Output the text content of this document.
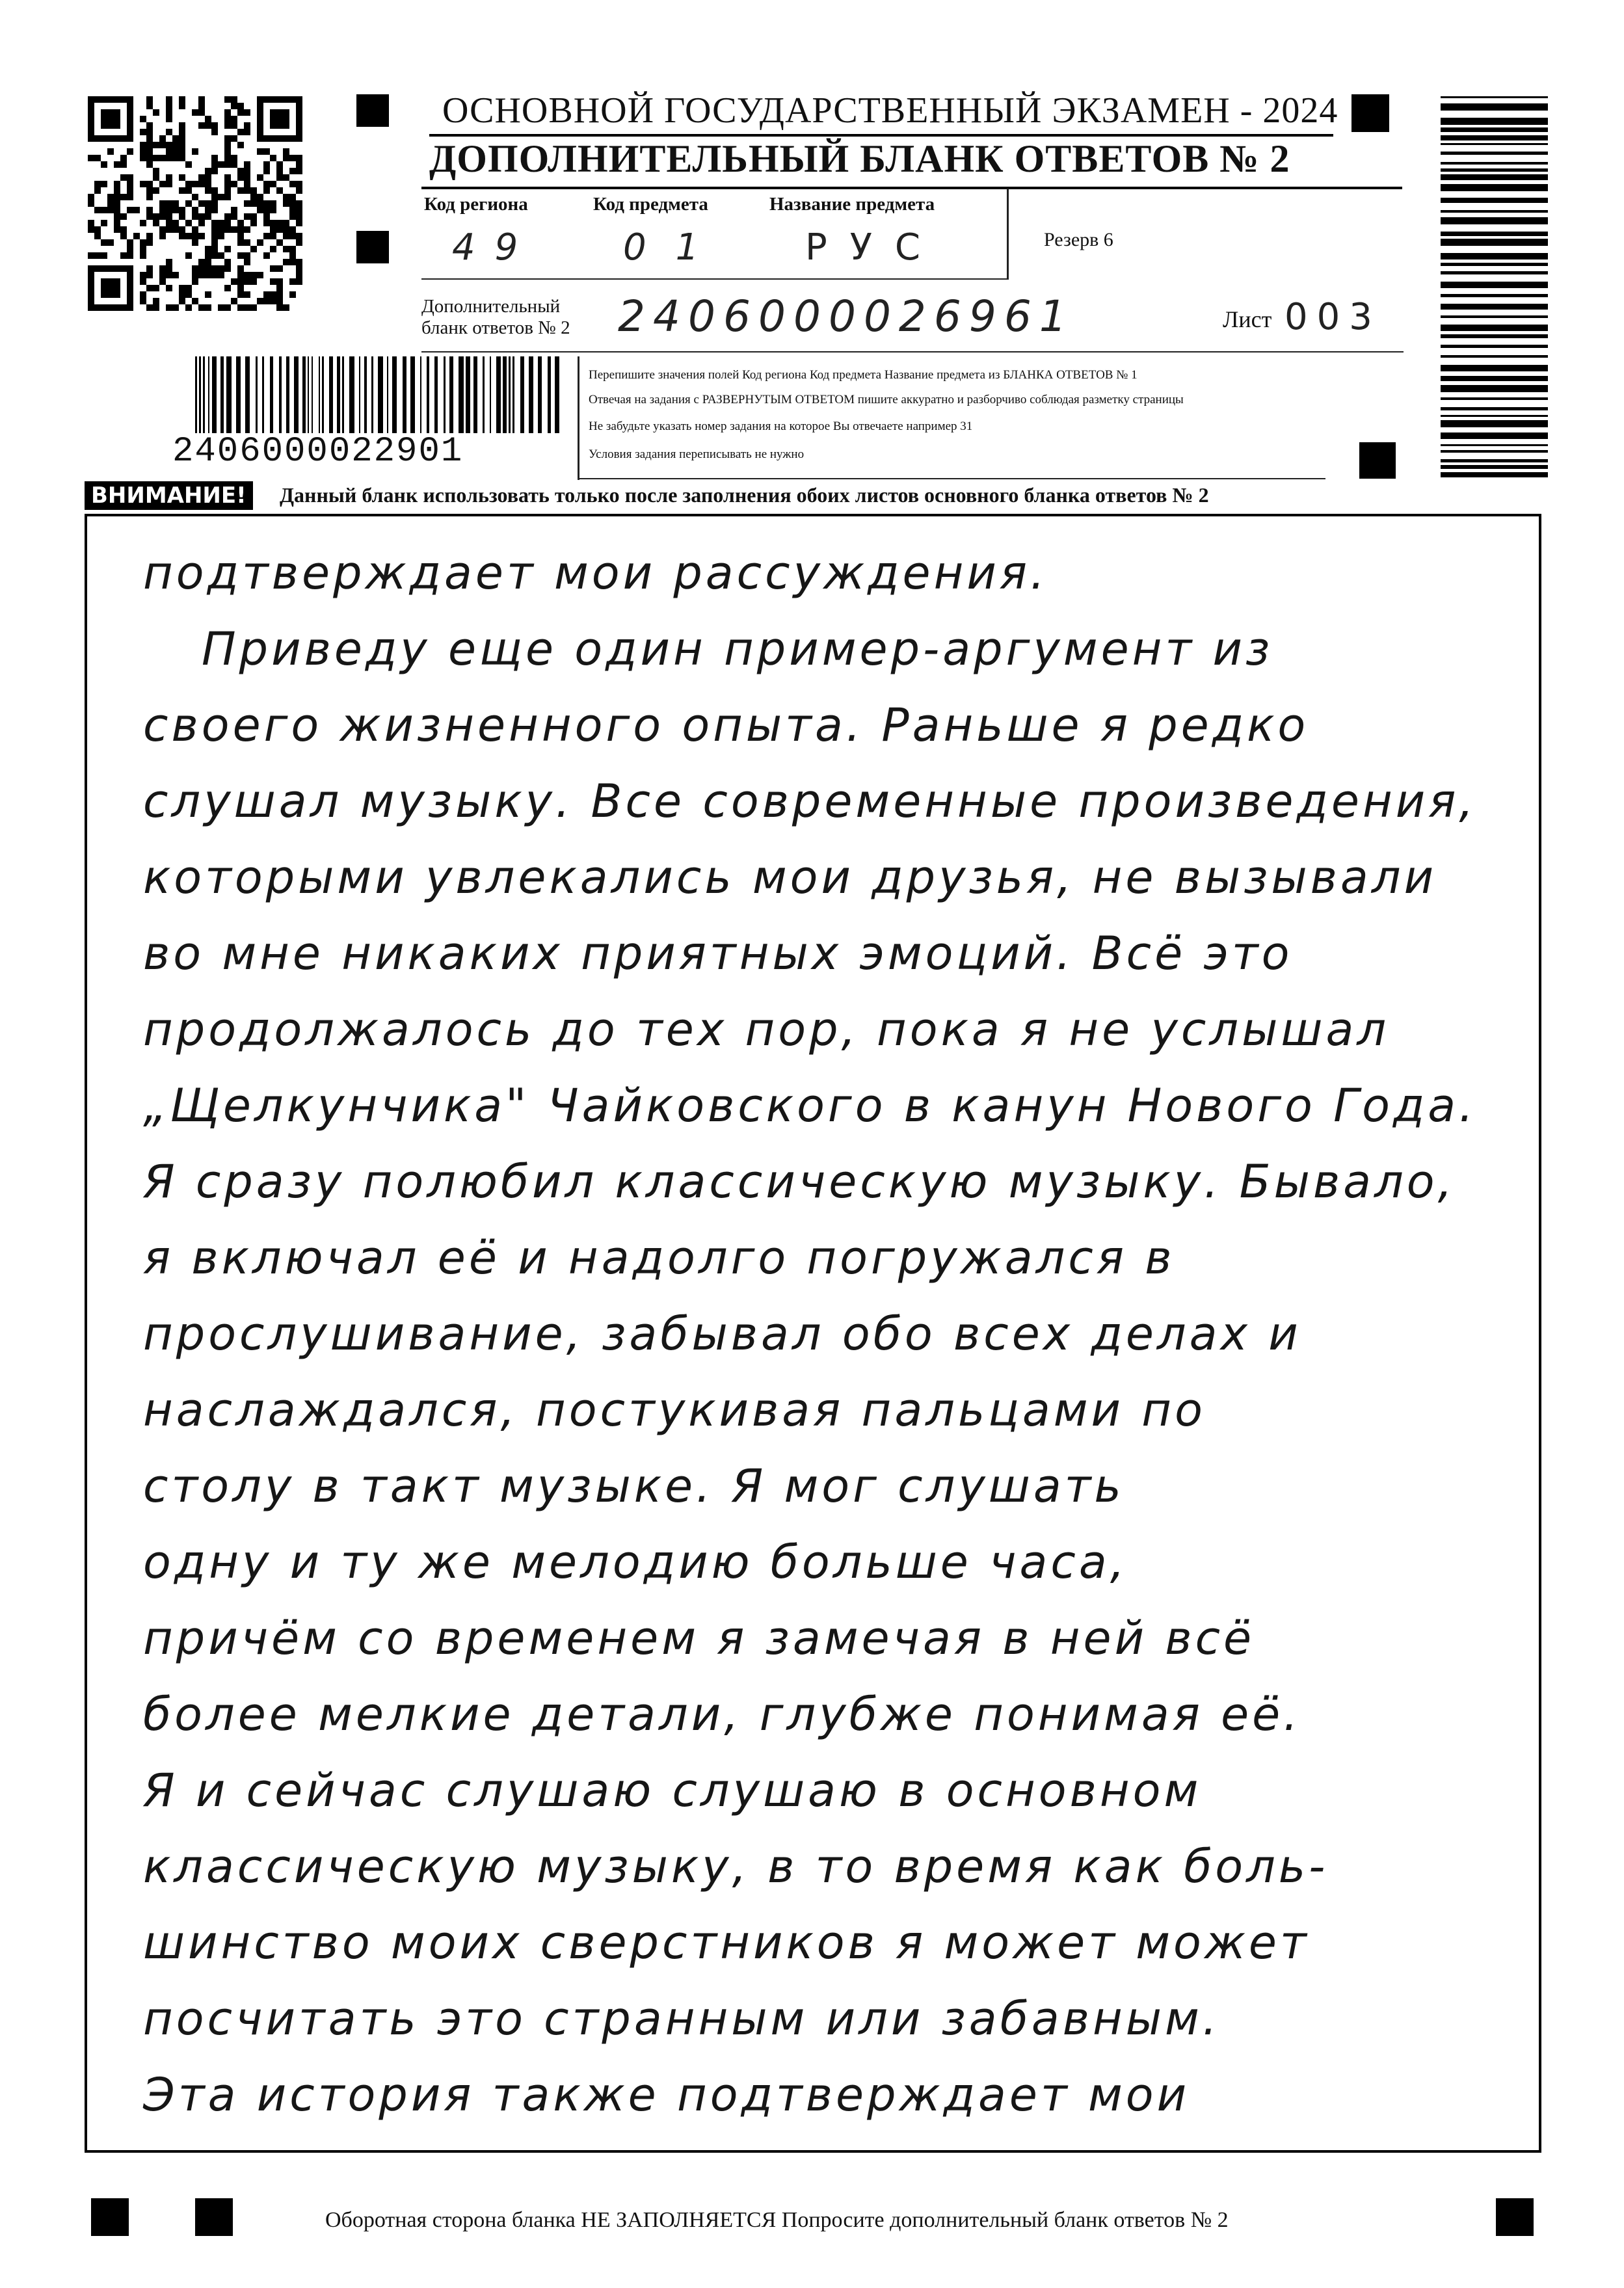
ОСНОВНОЙ ГОСУДАРСТВЕННЫЙ ЭКЗАМЕН - 2024
ДОПОЛНИТЕЛЬНЫЙ БЛАНК ОТВЕТОВ № 2
Код региона	Код предмета	Название предмета
49 01 РУС	Резерв 6
Дополнительный
бланк ответов № 2 2406000026961	Лист 003
2406000022901
Перепишите значения полей Код региона Код предмета Название предмета из БЛАНКА ОТВЕТОВ № 1
Отвечая на задания с РАЗВЕРНУТЫМ ОТВЕТОМ пишите аккуратно и разборчиво соблюдая разметку страницы
Не забудьте указать номер задания на которое Вы отвечаете например 31
Условия задания переписывать не нужно
ВНИМАНИЕ!	Данный бланк использовать только после заполнения обоих листов основного бланка ответов № 2
подтверждает мои рассуждения.
Приведу еще один пример-аргумент из
своего жизненного опыта. Раньше я редко
слушал музыку. Все современные произведения,
которыми увлекались мои друзья, не вызывали
во мне никаких приятных эмоций. Всё это
продолжалось до тех пор, пока я не услышал
„Щелкунчика" Чайковского в канун Нового Года.
Я сразу полюбил классическую музыку. Бывало,
я включал её и надолго погружался в
прослушивание, забывал обо всех делах и
наслаждался, постукивая пальцами по
столу в такт музыке. Я мог слушать
одну и ту же мелодию больше часа,
причём со временем я замечая в ней всё
более мелкие детали, глубже понимая её.
Я и сейчас слушаю слушаю в основном
классическую музыку, в то время как боль-
шинство моих сверстников я может может
посчитать это странным или забавным.
Эта история также подтверждает мои
Оборотная сторона бланка НЕ ЗАПОЛНЯЕТСЯ Попросите дополнительный бланк ответов № 2
